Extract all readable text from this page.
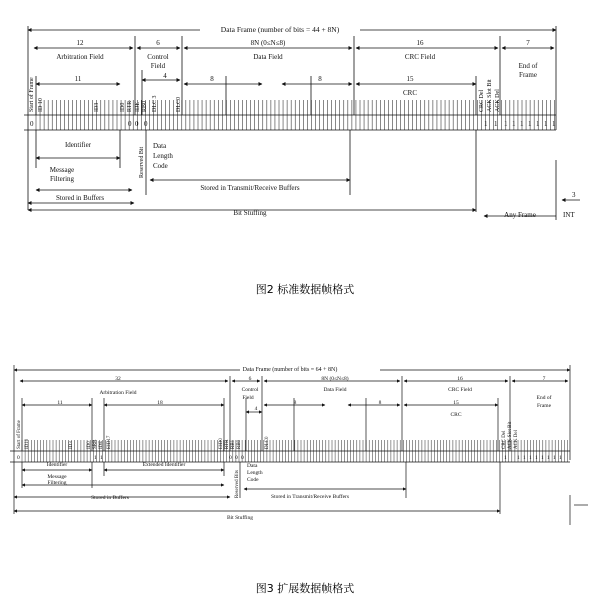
Data Frame (number of bits = 44 + 8N)
12
Arbitration Field
6
Control
Field
8N (0≤N≤8)
Data Field
16
CRC Field
7
End of
Frame
11	4	8	8	15
CRC
Start of Frame ID 10	ID3	ID0 RTR IDE RB0 DLC 3	DLC0	CRC Del ACK Slot Bit ACK Del
0	0 0 0	1 1 1 1 1 1 1 1 1
Identifier
Message
Filtering
Reserved Bit
Data
Length
Code
Stored in Transmit/Receive Buffers
Stored in Buffers
Bit Stuffing	Any Frame
3
INT
图2 标准数据帧格式
Data Frame (number of bits = 64 + 8N)
32
Arbitration Field
6
Control
Field
8N (0≤N≤8)
Data Field
16
CRC Field
7
End of
Frame
11	18
4
8	8	15
CRC
Start of Frame ID10	ID3	ID0 SRR IDE EID17	EID0 RTR RB1 RB0	DLC0	CRC Del ACK Slot Bit ACK Del
0	1 1	0 0 0	1 1 1 1 1 1 1 1 1
Identifier	Extended Identifier
Message
Filtering	Reserved Bits
Data
Length
Code
Stored in Transmit/Receive Buffers
Stored in Buffers
Bit Stuffing
图3 扩展数据帧格式
